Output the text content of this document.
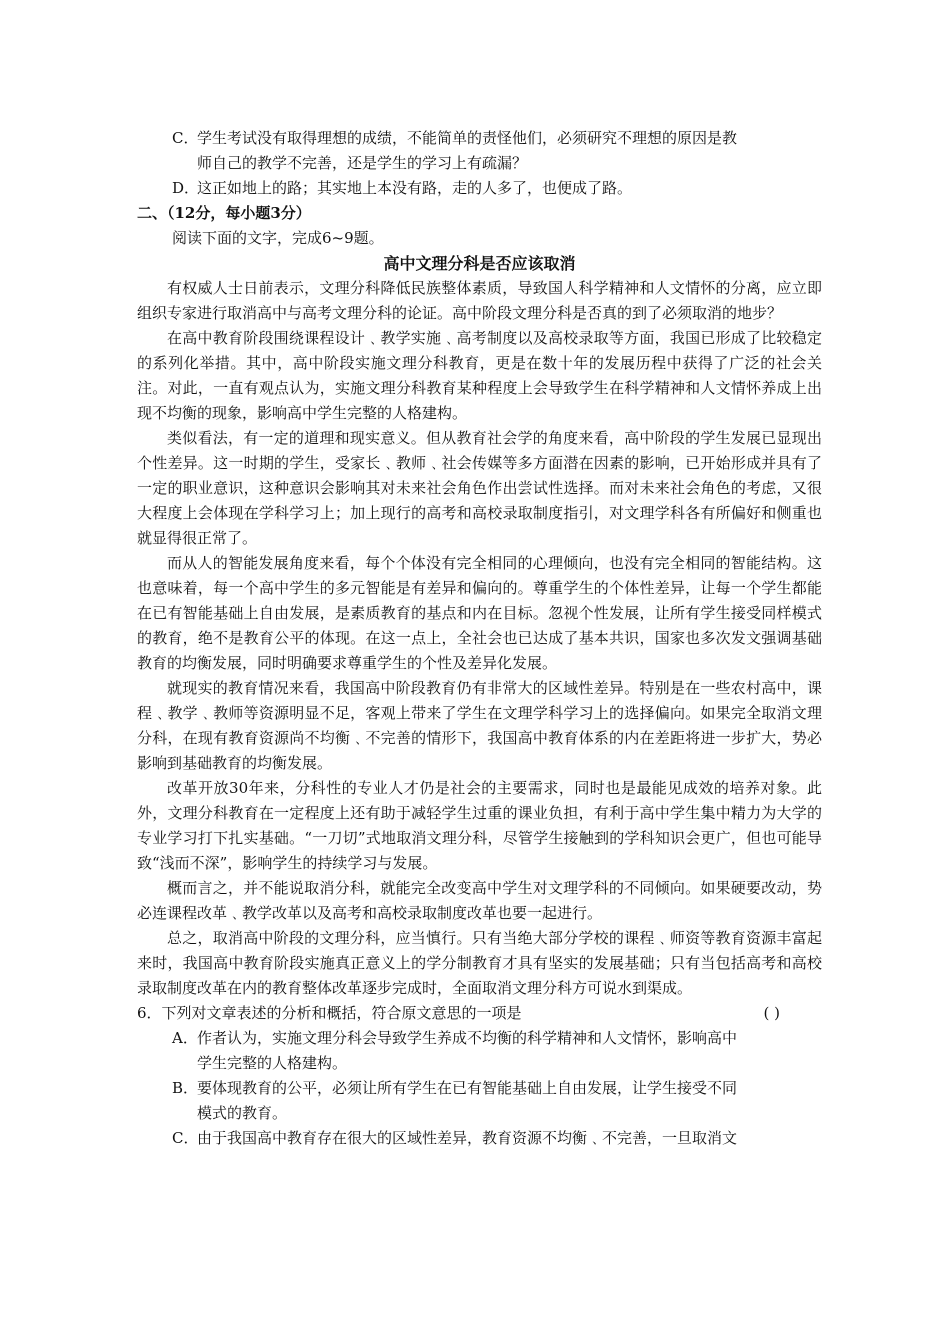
C．
学生考试没有取得理想的成绩，不能简单的责怪他们，必须研究不理想的原因是教
师自己的教学不完善，还是学生的学习上有疏漏？
D．
这正如地上的路；其实地上本没有路，走的人多了，也便成了路。
二、（12分，每小题3分）
阅读下面的文字，完成6~9题。
高中文理分科是否应该取消

有权威人士日前表示，文理分科降低民族整体素质，导致国人科学精神和人文情怀的分离，应立即组织专家进行取消高中与高考文理分科的论证。高中阶段文理分科是否真的到了必须取消的地步？

在高中教育阶段围绕课程设计﹑教学实施﹑高考制度以及高校录取等方面，我国已形成了比较稳定的系列化举措。其中，高中阶段实施文理分科教育，更是在数十年的发展历程中获得了广泛的社会关注。对此，一直有观点认为，实施文理分科教育某种程度上会导致学生在科学精神和人文情怀养成上出现不均衡的现象，影响高中学生完整的人格建构。

类似看法，有一定的道理和现实意义。但从教育社会学的角度来看，高中阶段的学生发展已显现出个性差异。这一时期的学生，受家长﹑教师﹑社会传媒等多方面潜在因素的影响，已开始形成并具有了一定的职业意识，这种意识会影响其对未来社会角色作出尝试性选择。而对未来社会角色的考虑，又很大程度上会体现在学科学习上；加上现行的高考和高校录取制度指引，对文理学科各有所偏好和侧重也就显得很正常了。

而从人的智能发展角度来看，每个个体没有完全相同的心理倾向，也没有完全相同的智能结构。这也意味着，每一个高中学生的多元智能是有差异和偏向的。尊重学生的个体性差异，让每一个学生都能在已有智能基础上自由发展，是素质教育的基点和内在目标。忽视个性发展，让所有学生接受同样模式的教育，绝不是教育公平的体现。在这一点上，全社会也已达成了基本共识，国家也多次发文强调基础教育的均衡发展，同时明确要求尊重学生的个性及差异化发展。

就现实的教育情况来看，我国高中阶段教育仍有非常大的区域性差异。特别是在一些农村高中，课程﹑教学﹑教师等资源明显不足，客观上带来了学生在文理学科学习上的选择偏向。如果完全取消文理分科，在现有教育资源尚不均衡﹑不完善的情形下，我国高中教育体系的内在差距将进一步扩大，势必影响到基础教育的均衡发展。

改革开放30年来，分科性的专业人才仍是社会的主要需求，同时也是最能见成效的培养对象。此外，文理分科教育在一定程度上还有助于减轻学生过重的课业负担，有利于高中学生集中精力为大学的专业学习打下扎实基础。“一刀切”式地取消文理分科，尽管学生接触到的学科知识会更广，但也可能导致“浅而不深”，影响学生的持续学习与发展。

概而言之，并不能说取消分科，就能完全改变高中学生对文理学科的不同倾向。如果硬要改动，势必连课程改革﹑教学改革以及高考和高校录取制度改革也要一起进行。

总之，取消高中阶段的文理分科，应当慎行。只有当绝大部分学校的课程﹑师资等教育资源丰富起来时，我国高中教育阶段实施真正意义上的学分制教育才具有坚实的发展基础；只有当包括高考和高校录取制度改革在内的教育整体改革逐步完成时，全面取消文理分科方可说水到渠成。

6．下列对文章表述的分析和概括，符合原文意思的一项是	( )
A． 作者认为，实施文理分科会导致学生养成不均衡的科学精神和人文情怀，影响高中
学生完整的人格建构。
B．
要体现教育的公平，必须让所有学生在已有智能基础上自由发展，让学生接受不同
模式的教育。
C．
由于我国高中教育存在很大的区域性差异，教育资源不均衡﹑不完善，一旦取消文
